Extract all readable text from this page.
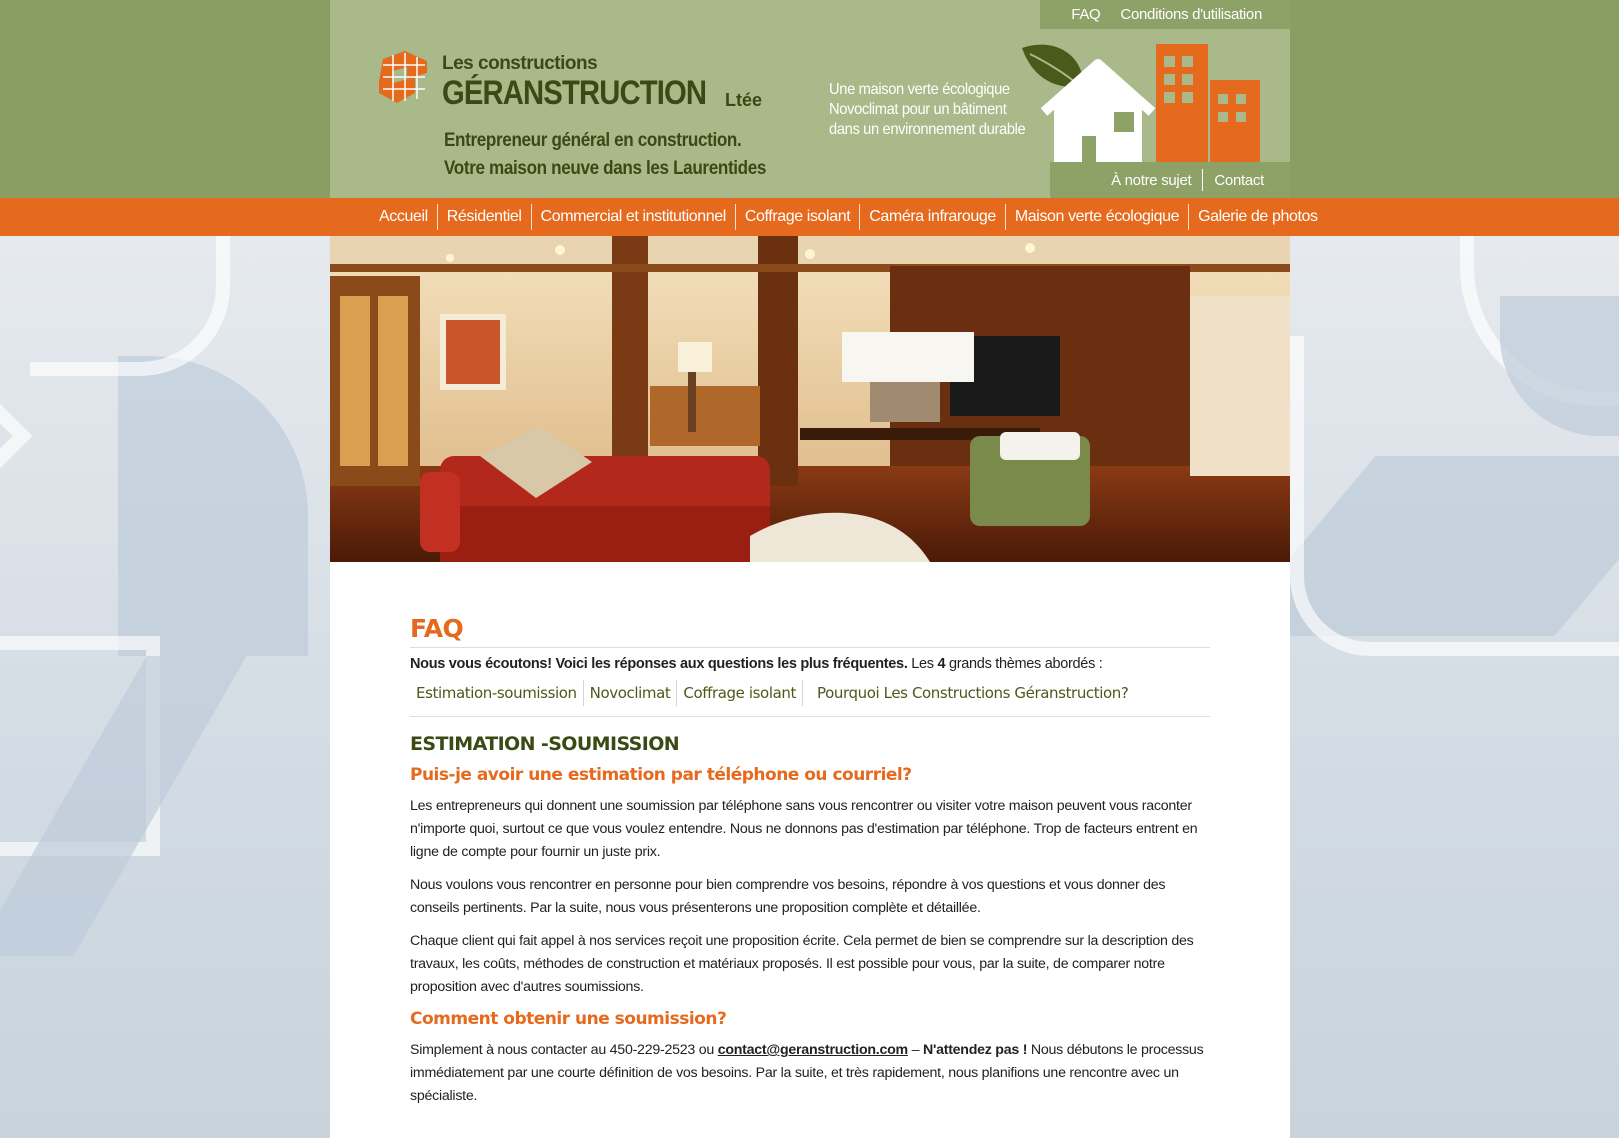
FAQ Conditions d'utilisation
Les constructions
GÉRANSTRUCTION Ltée
Entrepreneur général en construction.
Votre maison neuve dans les Laurentides
Une maison verte écologique
Novoclimat pour un bâtiment
dans un environnement durable
À notre sujet Contact
Accueil	Résidentiel	Commercial et institutionnel	Coffrage isolant	Caméra infrarouge	Maison verte écologique	Galerie de photos
FAQ

Nous vous écoutons! Voici les réponses aux questions les plus fréquentes. Les 4 grands thèmes abordés :

Estimation-soumission Novoclimat Coffrage isolant	Pourquoi Les Constructions Géranstruction?
ESTIMATION -SOUMISSION
Puis-je avoir une estimation par téléphone ou courriel?

Les entrepreneurs qui donnent une soumission par téléphone sans vous rencontrer ou visiter votre maison peuvent vous raconter n'importe quoi, surtout ce que vous voulez entendre. Nous ne donnons pas d'estimation par téléphone. Trop de facteurs entrent en ligne de compte pour fournir un juste prix.

Nous voulons vous rencontrer en personne pour bien comprendre vos besoins, répondre à vos questions et vous donner des conseils pertinents. Par la suite, nous vous présenterons une proposition complète et détaillée.

Chaque client qui fait appel à nos services reçoit une proposition écrite. Cela permet de bien se comprendre sur la description des travaux, les coûts, méthodes de construction et matériaux proposés. Il est possible pour vous, par la suite, de comparer notre proposition avec d'autres soumissions.

Comment obtenir une soumission?

Simplement à nous contacter au 450-229-2523 ou contact@geranstruction.com – N'attendez pas ! Nous débutons le processus immédiatement par une courte définition de vos besoins. Par la suite, et très rapidement, nous planifions une rencontre avec un spécialiste.
